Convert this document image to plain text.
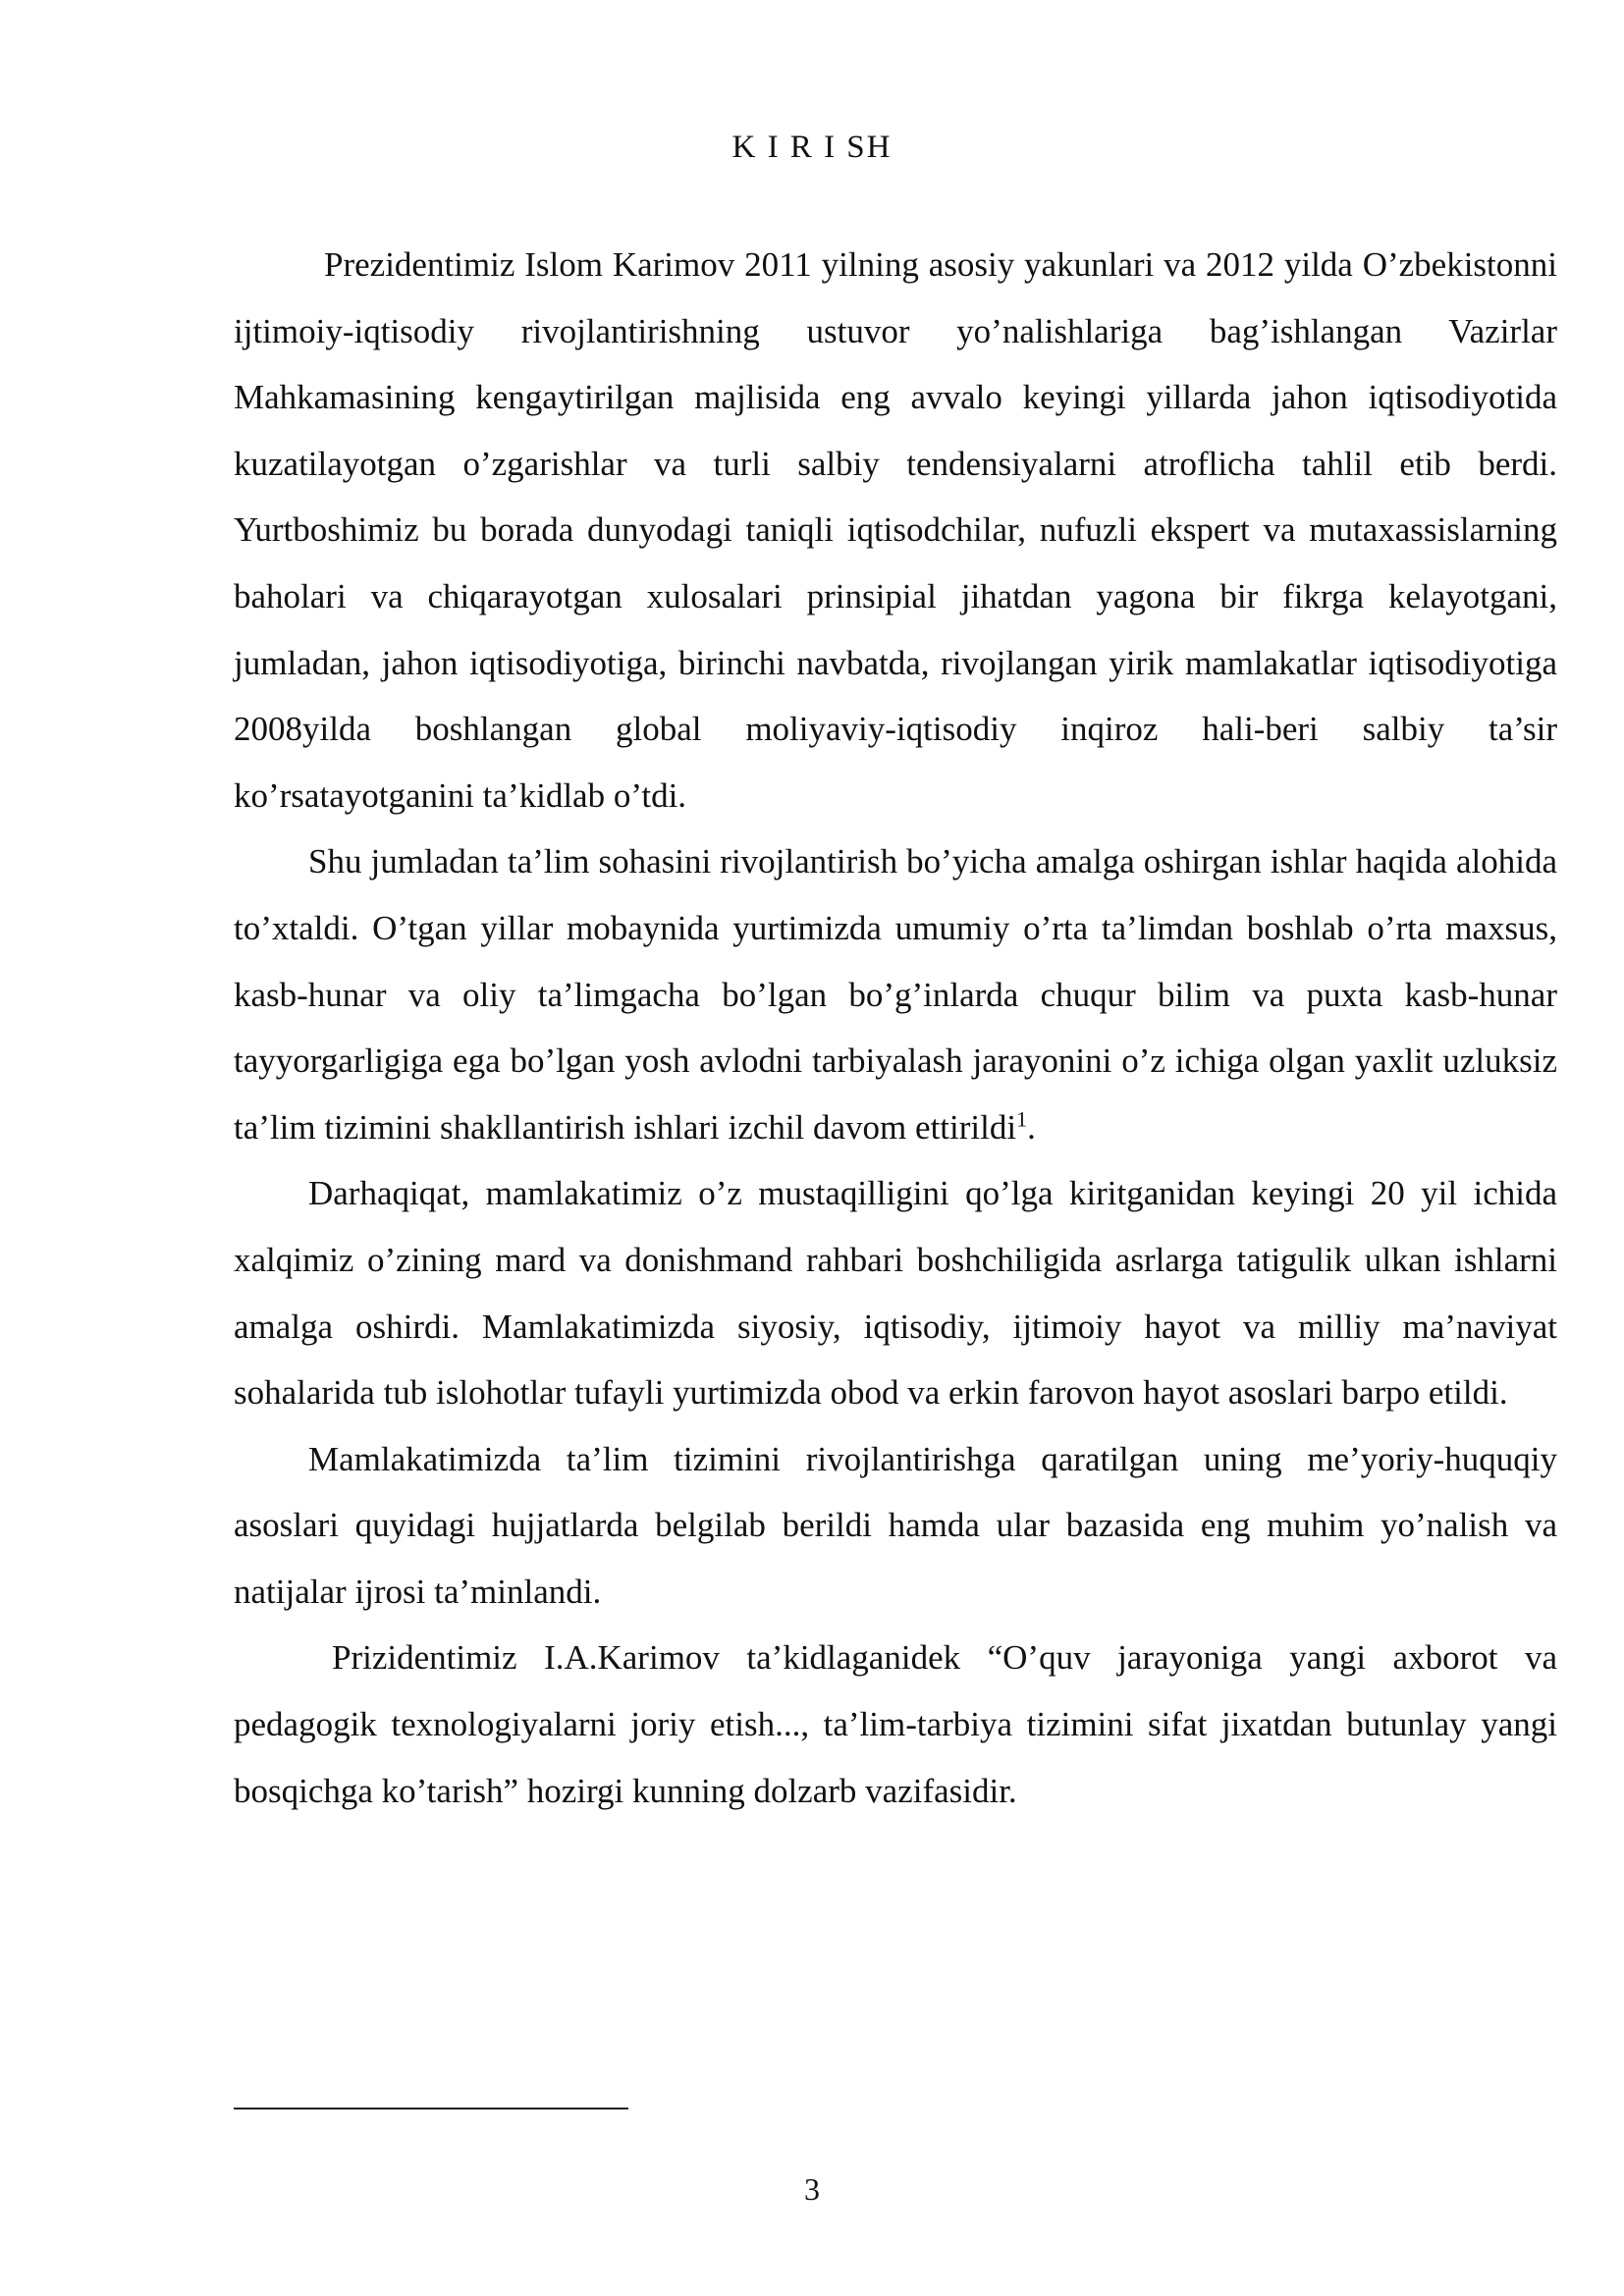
K I R I SH

Prezidentimiz Islom Karimov 2011 yilning asosiy yakunlari va 2012 yilda O’zbekistonni ijtimoiy-iqtisodiy rivojlantirishning ustuvor yo’nalishlariga bag’ishlangan Vazirlar Mahkamasining kengaytirilgan majlisida eng avvalo keyingi yillarda jahon iqtisodiyotida kuzatilayotgan o’zgarishlar va turli salbiy tendensiyalarni atroflicha tahlil etib berdi. Yurtboshimiz bu borada dunyodagi taniqli iqtisodchilar, nufuzli ekspert va mutaxassislarning baholari va chiqarayotgan xulosalari prinsipial jihatdan yagona bir fikrga kelayotgani, jumladan, jahon iqtisodiyotiga, birinchi navbatda, rivojlangan yirik mamlakatlar iqtisodiyotiga 2008yilda boshlangan global moliyaviy-iqtisodiy inqiroz hali-beri salbiy ta’sir ko’rsatayotganini ta’kidlab o’tdi.

Shu jumladan ta’lim sohasini rivojlantirish bo’yicha amalga oshirgan ishlar haqida alohida to’xtaldi. O’tgan yillar mobaynida yurtimizda umumiy o’rta ta’limdan boshlab o’rta maxsus, kasb-hunar va oliy ta’limgacha bo’lgan bo’g’inlarda chuqur bilim va puxta kasb-hunar tayyorgarligiga ega bo’lgan yosh avlodni tarbiyalash jarayonini o’z ichiga olgan yaxlit uzluksiz ta’lim tizimini shakllantirish ishlari izchil davom ettirildi$^1$.

Darhaqiqat, mamlakatimiz o’z mustaqilligini qo’lga kiritganidan keyingi 20 yil ichida xalqimiz o’zining mard va donishmand rahbari boshchiligida asrlarga tatigulik ulkan ishlarni amalga oshirdi. Mamlakatimizda siyosiy, iqtisodiy, ijtimoiy hayot va milliy ma’naviyat sohalarida tub islohotlar tufayli yurtimizda obod va erkin farovon hayot asoslari barpo etildi.

Mamlakatimizda ta’lim tizimini rivojlantirishga qaratilgan uning me’yoriy-huquqiy asoslari quyidagi hujjatlarda belgilab berildi hamda ular bazasida eng muhim yo’nalish va natijalar ijrosi ta’minlandi.

Prizidentimiz I.A.Karimov ta’kidlaganidek “O’quv jarayoniga yangi axborot va pedagogik texnologiyalarni joriy etish..., ta’lim-tarbiya tizimini sifat jixatdan butunlay yangi bosqichga ko’tarish” hozirgi kunning dolzarb vazifasidir.

3
